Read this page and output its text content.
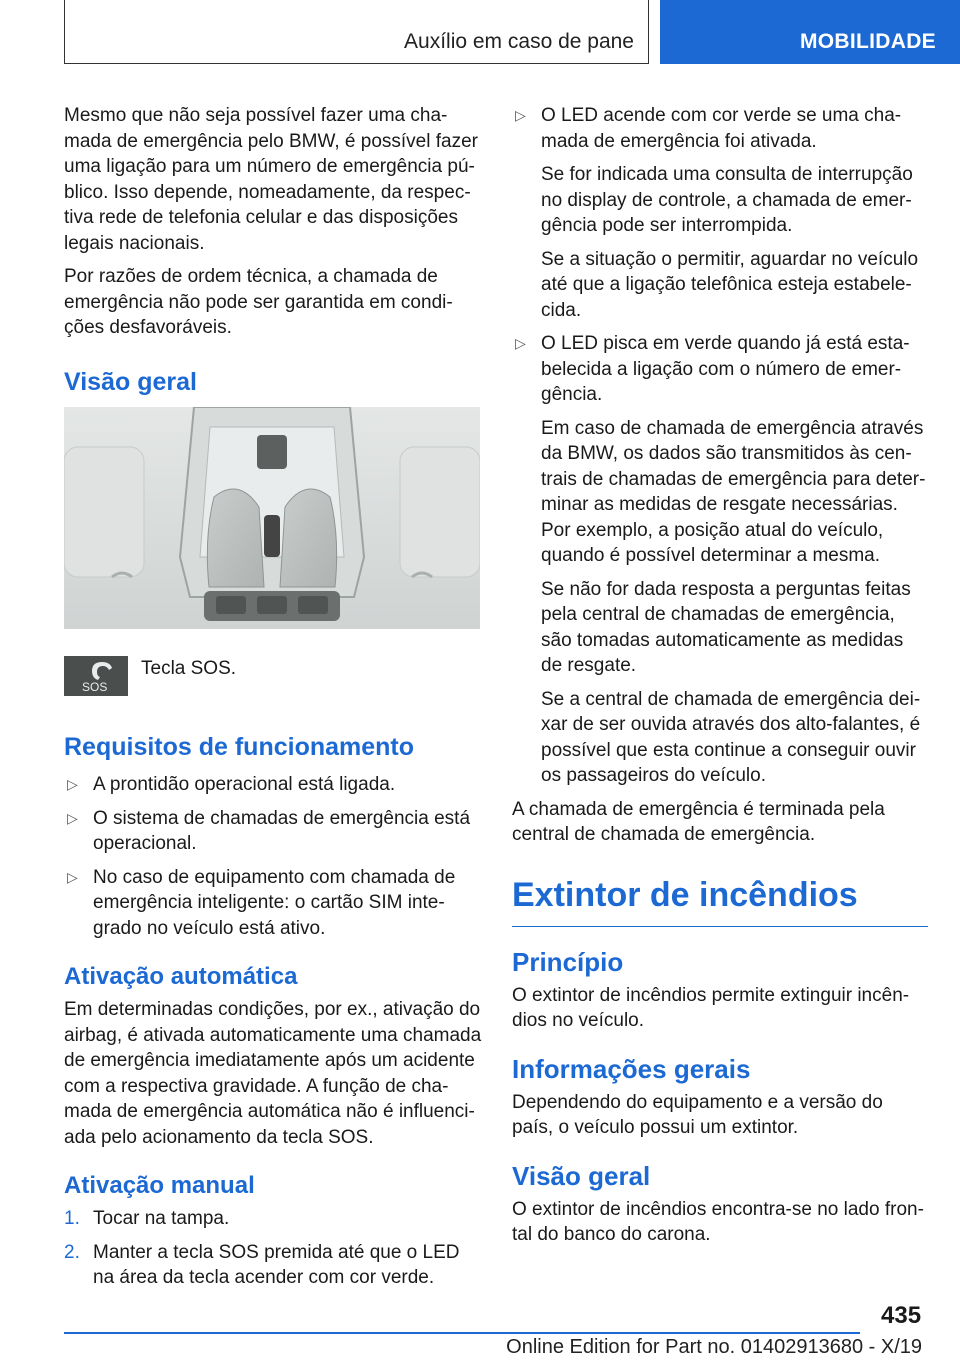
Auxílio em caso de pane	MOBILIDADE

Mesmo que não seja possível fazer uma cha-mada de emergência pelo BMW, é possível fazer uma ligação para um número de emergência pú-blico. Isso depende, nomeadamente, da respec-tiva rede de telefonia celular e das disposições legais nacionais.

Por razões de ordem técnica, a chamada de emergência não pode ser garantida em condi-ções desfavoráveis.

Visão geral
SOS
Tecla SOS.
Requisitos de funcionamento
▷ A prontidão operacional está ligada.
▷ O sistema de chamadas de emergência está operacional.
▷ No caso de equipamento com chamada de emergência inteligente: o cartão SIM inte-grado no veículo está ativo.
Ativação automática

Em determinadas condições, por ex., ativação do airbag, é ativada automaticamente uma chamada de emergência imediatamente após um acidente com a respectiva gravidade. A função de cha-mada de emergência automática não é influenci-ada pelo acionamento da tecla SOS.

Ativação manual
1. Tocar na tampa.
2. Manter a tecla SOS premida até que o LED na área da tecla acender com cor verde.
▷ O LED acende com cor verde se uma cha-mada de emergência foi ativada.
Se for indicada uma consulta de interrupção no display de controle, a chamada de emer-gência pode ser interrompida.
Se a situação o permitir, aguardar no veículo até que a ligação telefônica esteja estabele-cida.
▷ O LED pisca em verde quando já está esta-belecida a ligação com o número de emer-gência.
Em caso de chamada de emergência através da BMW, os dados são transmitidos às cen-trais de chamadas de emergência para deter-minar as medidas de resgate necessárias. Por exemplo, a posição atual do veículo, quando é possível determinar a mesma.
Se não for dada resposta a perguntas feitas pela central de chamadas de emergência, são tomadas automaticamente as medidas de resgate.
Se a central de chamada de emergência dei-xar de ser ouvida através dos alto-falantes, é possível que esta continue a conseguir ouvir os passageiros do veículo.

A chamada de emergência é terminada pela central de chamada de emergência.

Extintor de incêndios
Princípio

O extintor de incêndios permite extinguir incên-dios no veículo.

Informações gerais

Dependendo do equipamento e a versão do país, o veículo possui um extintor.

Visão geral

O extintor de incêndios encontra-se no lado fron-tal do banco do carona.

435
Online Edition for Part no. 01402913680 - X/19
